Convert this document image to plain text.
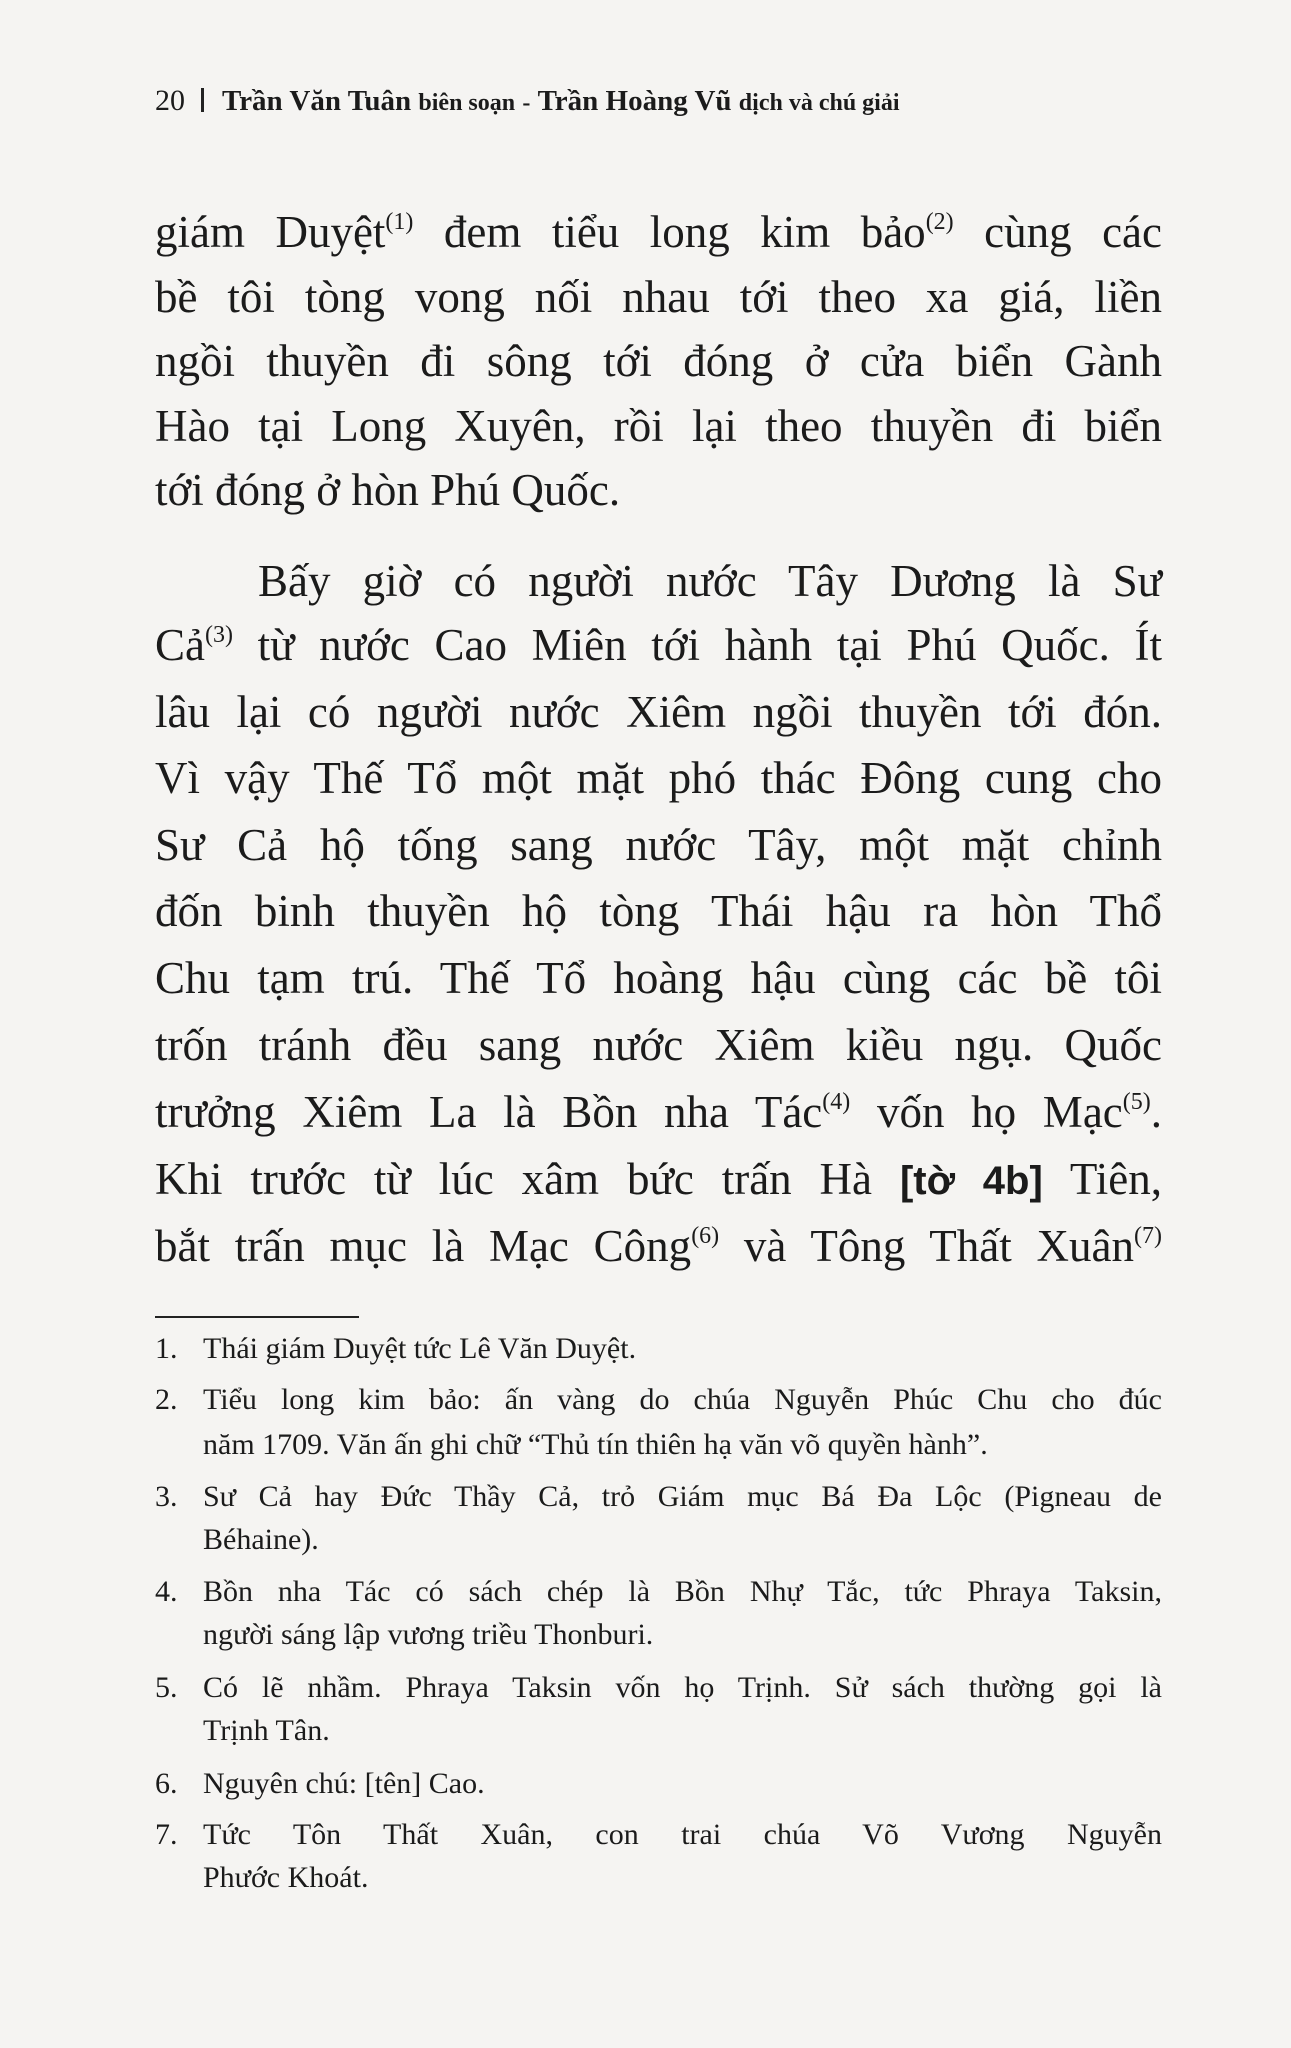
20 Trần Văn Tuân biên soạn - Trần Hoàng Vũ dịch và chú giải
giám Duyệt$^{(1)}$ đem tiểu long kim bảo$^{(2)}$ cùng các
bề tôi tòng vong nối nhau tới theo xa giá, liền
ngồi thuyền đi sông tới đóng ở cửa biển Gành
Hào tại Long Xuyên, rồi lại theo thuyền đi biển
tới đóng ở hòn Phú Quốc.
Bấy giờ có người nước Tây Dương là Sư
Cả$^{(3)}$ từ nước Cao Miên tới hành tại Phú Quốc. Ít
lâu lại có người nước Xiêm ngồi thuyền tới đón.
Vì vậy Thế Tổ một mặt phó thác Đông cung cho
Sư Cả hộ tống sang nước Tây, một mặt chỉnh
đốn binh thuyền hộ tòng Thái hậu ra hòn Thổ
Chu tạm trú. Thế Tổ hoàng hậu cùng các bề tôi
trốn tránh đều sang nước Xiêm kiều ngụ. Quốc
trưởng Xiêm La là Bồn nha Tác$^{(4)}$ vốn họ Mạc$^{(5)}$.
Khi trước từ lúc xâm bức trấn Hà [tờ 4b] Tiên,
bắt trấn mục là Mạc Công$^{(6)}$ và Tông Thất Xuân$^{(7)}$
1. Thái giám Duyệt tức Lê Văn Duyệt.
2. Tiểu long kim bảo: ấn vàng do chúa Nguyễn Phúc Chu cho đúc
năm 1709. Văn ấn ghi chữ “Thủ tín thiên hạ văn võ quyền hành”.
3. Sư Cả hay Đức Thầy Cả, trỏ Giám mục Bá Đa Lộc (Pigneau de
Béhaine).
4. Bồn nha Tác có sách chép là Bồn Nhự Tắc, tức Phraya Taksin,
người sáng lập vương triều Thonburi.
5. Có lẽ nhầm. Phraya Taksin vốn họ Trịnh. Sử sách thường gọi là
Trịnh Tân.
6. Nguyên chú: [tên] Cao.
7. Tức Tôn Thất Xuân, con trai chúa Võ Vương Nguyễn
Phước Khoát.
